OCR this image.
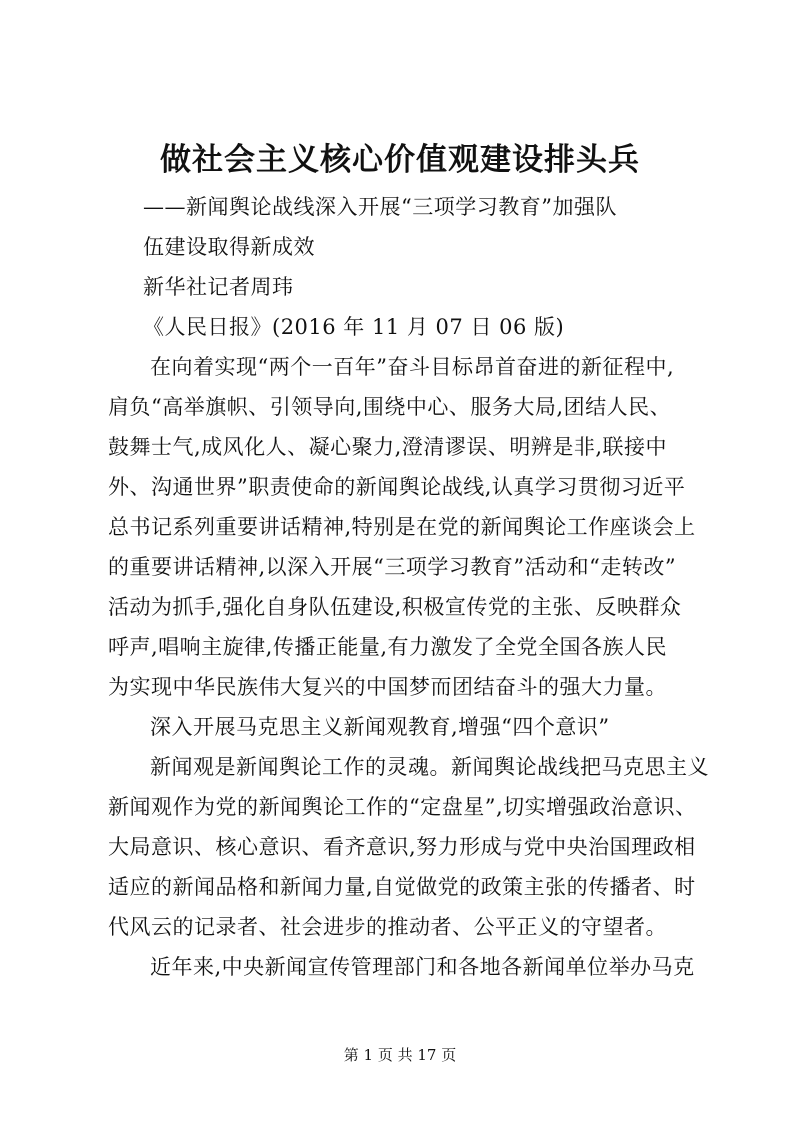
做社会主义核心价值观建设排头兵
——新闻舆论战线深入开展“三项学习教育”加强队
伍建设取得新成效
新华社记者周玮
《人民日报》(2016 年 11 月 07 日 06 版)
在向着实现“两个一百年”奋斗目标昂首奋进的新征程中,
肩负“高举旗帜、引领导向,围绕中心、服务大局,团结人民、
鼓舞士气,成风化人、凝心聚力,澄清谬误、明辨是非,联接中
外、沟通世界”职责使命的新闻舆论战线,认真学习贯彻习近平
总书记系列重要讲话精神,特别是在党的新闻舆论工作座谈会上
的重要讲话精神,以深入开展“三项学习教育”活动和“走转改”
活动为抓手,强化自身队伍建设,积极宣传党的主张、反映群众
呼声,唱响主旋律,传播正能量,有力激发了全党全国各族人民
为实现中华民族伟大复兴的中国梦而团结奋斗的强大力量。
深入开展马克思主义新闻观教育,增强“四个意识”
新闻观是新闻舆论工作的灵魂。新闻舆论战线把马克思主义
新闻观作为党的新闻舆论工作的“定盘星”,切实增强政治意识、
大局意识、核心意识、看齐意识,努力形成与党中央治国理政相
适应的新闻品格和新闻力量,自觉做党的政策主张的传播者、时
代风云的记录者、社会进步的推动者、公平正义的守望者。
近年来,中央新闻宣传管理部门和各地各新闻单位举办马克
第 1 页 共 17 页
